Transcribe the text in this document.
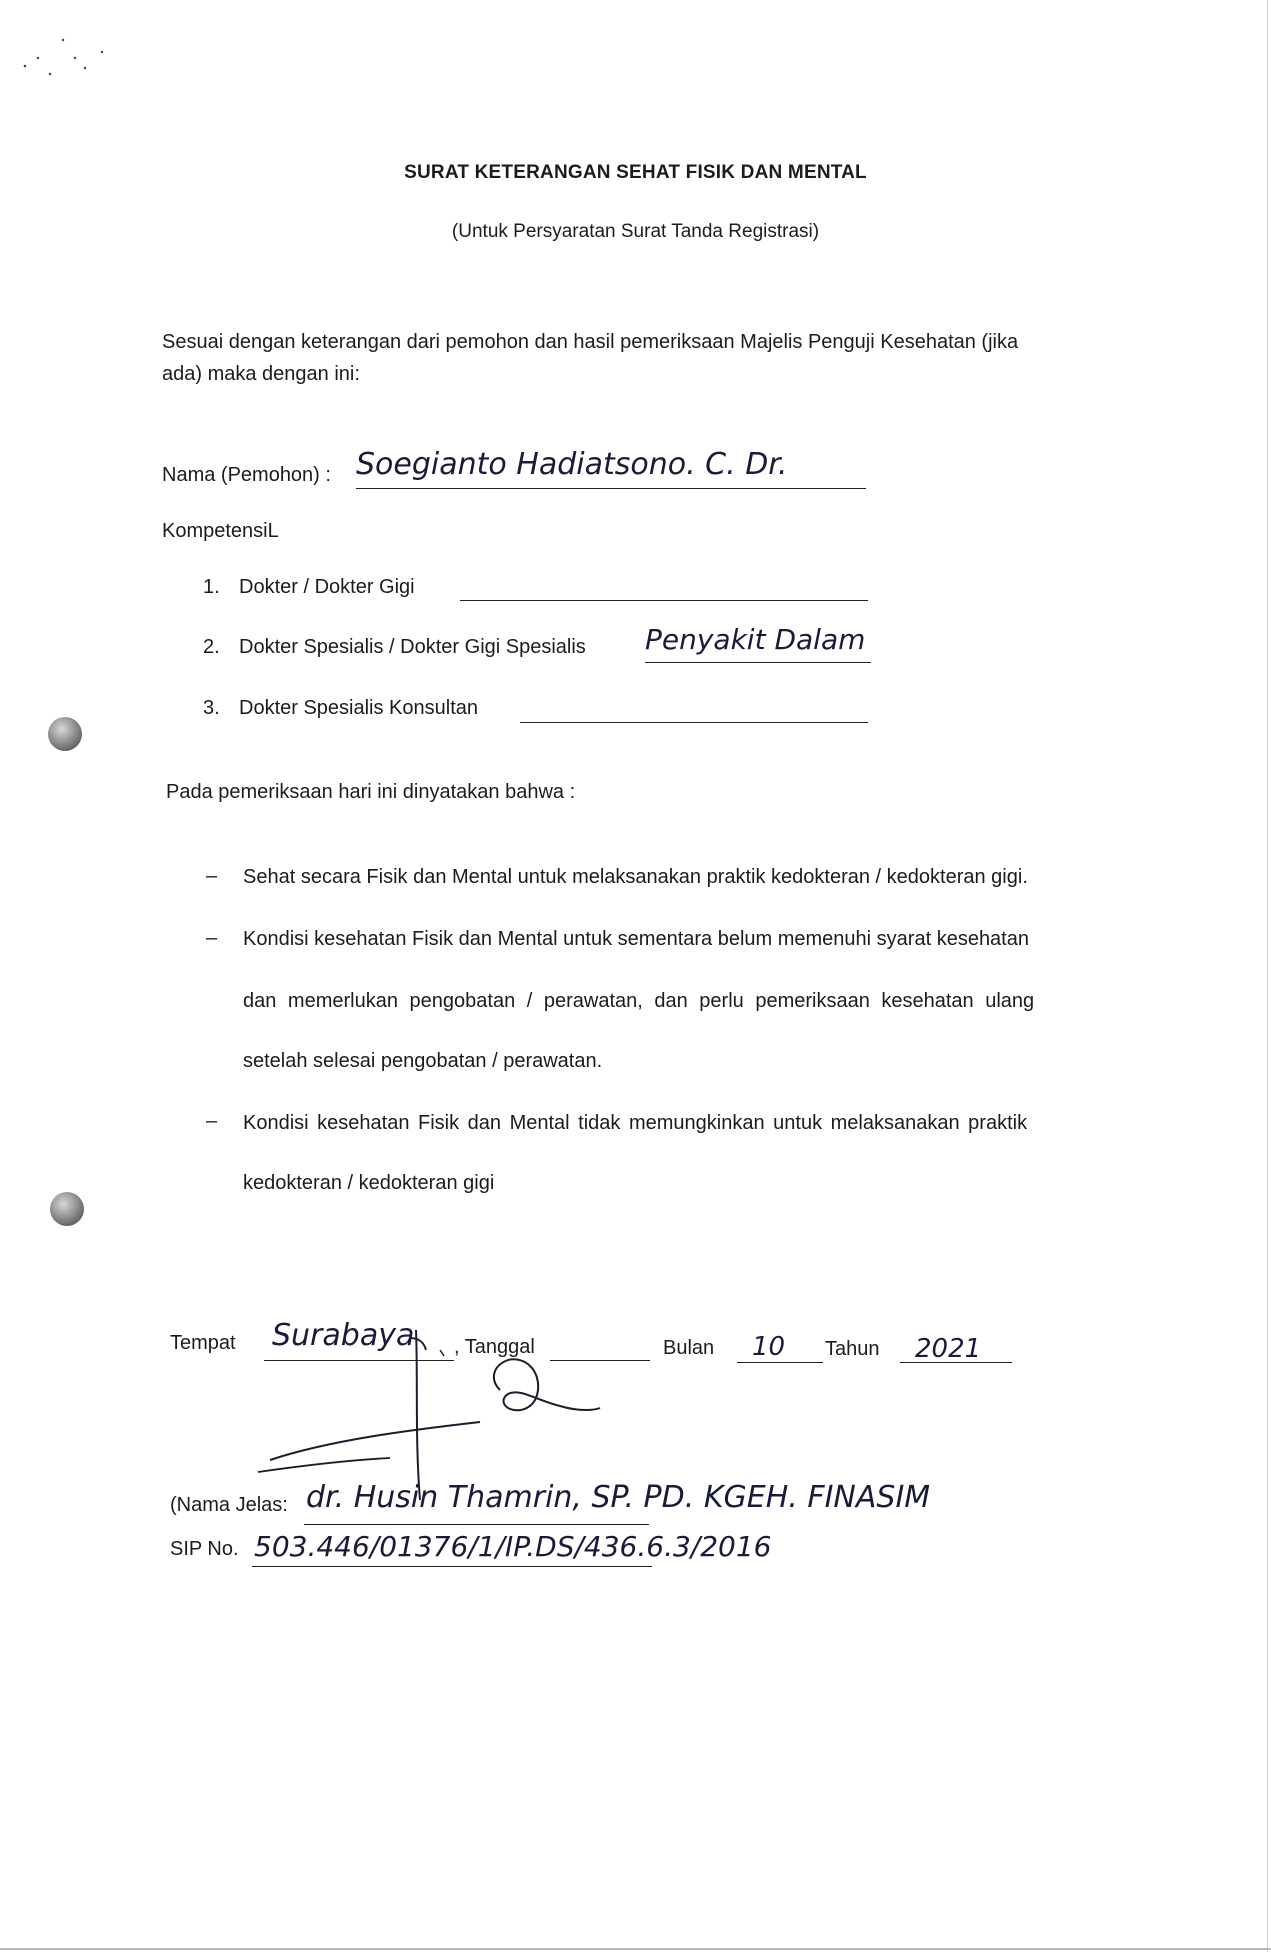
SURAT KETERANGAN SEHAT FISIK DAN MENTAL
(Untuk Persyaratan Surat Tanda Registrasi)
Sesuai dengan keterangan dari pemohon dan hasil pemeriksaan Majelis Penguji Kesehatan (jika
ada) maka dengan ini:
Nama (Pemohon) : Soegianto Hadiatsono. C. Dr.
KompetensiL
1. Dokter / Dokter Gigi
2. Dokter Spesialis / Dokter Gigi Spesialis Penyakit Dalam
3. Dokter Spesialis Konsultan
Pada pemeriksaan hari ini dinyatakan bahwa :
– Sehat secara Fisik dan Mental untuk melaksanakan praktik kedokteran / kedokteran gigi.
– Kondisi kesehatan Fisik dan Mental untuk sementara belum memenuhi syarat kesehatan
dan memerlukan pengobatan / perawatan, dan perlu pemeriksaan kesehatan ulang
setelah selesai pengobatan / perawatan.
– Kondisi kesehatan Fisik dan Mental tidak memungkinkan untuk melaksanakan praktik
kedokteran / kedokteran gigi
Tempat Surabaya , Tanggal	Bulan 10 Tahun 2021
(Nama Jelas: dr. Husin Thamrin, SP. PD. KGEH. FINASIM
SIP No. 503.446/01376/1/IP.DS/436.6.3/2016
